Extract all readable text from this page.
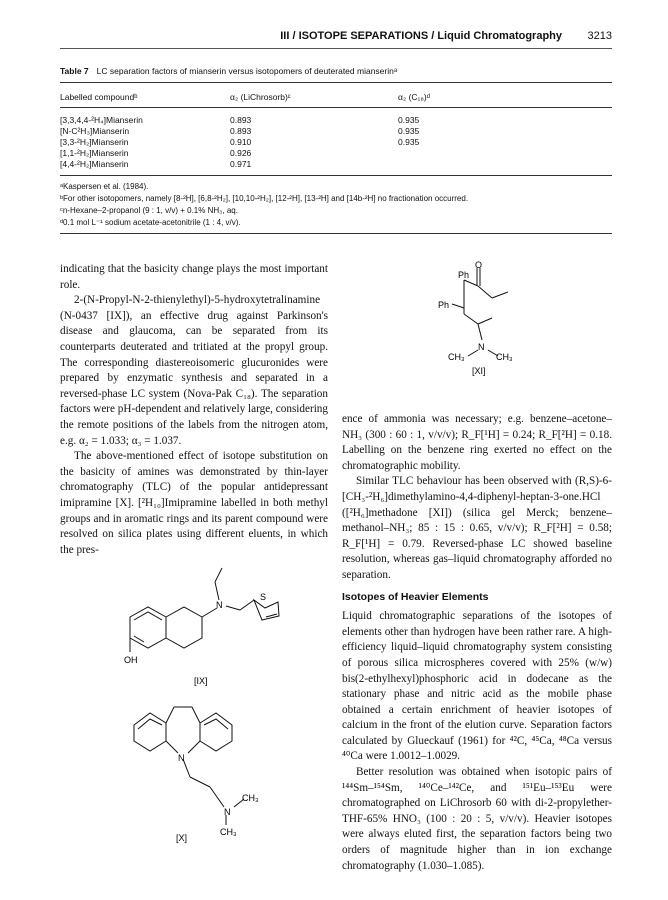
III / ISOTOPE SEPARATIONS / Liquid Chromatography 3213
Table 7 LC separation factors of mianserin versus isotopomers of deuterated mianserinᵃ
Labelled compoundᵇ	α₂ (LiChrosorb)ᶜ	α₂ (C₁₈)ᵈ
[3,3,4,4-²H₄]Mianserin	0.893	0.935
[N-C²H₃]Mianserin	0.893	0.935
[3,3-²H₂]Mianserin	0.910	0.935
[1,1-²H₂]Mianserin	0.926
[4,4-²H₂]Mianserin	0.971
ᵃKaspersen et al. (1984).
ᵇFor other isotopomers, namely [8-²H], [6,8-²H₂], [10,10-²H₂], [12-²H], [13-²H] and [14b-²H] no fractionation occurred.
ᶜn-Hexane–2-propanol (9 : 1, v/v) + 0.1% NH₃, aq.
ᵈ0.1 mol L⁻¹ sodium acetate-acetonitrile (1 : 4, v/v).

indicating that the basicity change plays the most important role.

2-(N-Propyl-N-2-thienylethyl)-5-hydroxytetralinamine (N-0437 [IX]), an effective drug against Parkinson's disease and glaucoma, can be separated from its counterparts deuterated and tritiated at the propyl group. The corresponding diastereoisomeric glucuronides were prepared by enzymatic synthesis and separated in a reversed-phase LC system (Nova-Pak C₁₈). The separation factors were pH-dependent and relatively large, considering the remote positions of the labels from the nitrogen atom, e.g. α₂ = 1.033; α₃ = 1.037.

The above-mentioned effect of isotope substitution on the basicity of amines was demonstrated by thin-layer chromatography (TLC) of the popular antidepressant imipramine [X]. [²H₁₀]Imipramine labelled in both methyl groups and in aromatic rings and its parent compound were resolved on silica plates using different eluents, in which the pres-

N
S
OH
[IX]
N
N
CH₃
CH₃
[X]
O
Ph
Ph
N
CH₃	CH₃
[XI]

ence of ammonia was necessary; e.g. benzene–acetone–NH₃ (300 : 60 : 1, v/v/v); R_F[¹H] = 0.24; R_F[²H] = 0.18. Labelling on the benzene ring exerted no effect on the chromatographic mobility.

Similar TLC behaviour has been observed with (R,S)-6-[CH₃-²H₆]dimethylamino-4,4-diphenyl-heptan-3-one.HCl ([²H₆]methadone [XI]) (silica gel Merck; benzene–methanol–NH₃; 85 : 15 : 0.65, v/v/v); R_F[²H] = 0.58; R_F[¹H] = 0.79. Reversed-phase LC showed baseline resolution, whereas gas–liquid chromatography afforded no separation.

Isotopes of Heavier Elements

Liquid chromatographic separations of the isotopes of elements other than hydrogen have been rather rare. A high-efficiency liquid–liquid chromatography system consisting of porous silica microspheres covered with 25% (w/w) bis(2-ethylhexyl)phosphoric acid in dodecane as the stationary phase and nitric acid as the mobile phase obtained a certain enrichment of heavier isotopes of calcium in the front of the elution curve. Separation factors calculated by Glueckauf (1961) for ⁴²C, ⁴⁵Ca, ⁴⁸Ca versus ⁴⁰Ca were 1.0012–1.0029.

Better resolution was obtained when isotopic pairs of ¹⁴⁴Sm–¹⁵⁴Sm, ¹⁴⁰Ce–¹⁴²Ce, and ¹⁵¹Eu–¹⁵³Eu were chromatographed on LiChrosorb 60 with di-2-propylether-THF-65% HNO₃ (100 : 20 : 5, v/v/v). Heavier isotopes were always eluted first, the separation factors being two orders of magnitude higher than in ion exchange chromatography (1.030–1.085).
